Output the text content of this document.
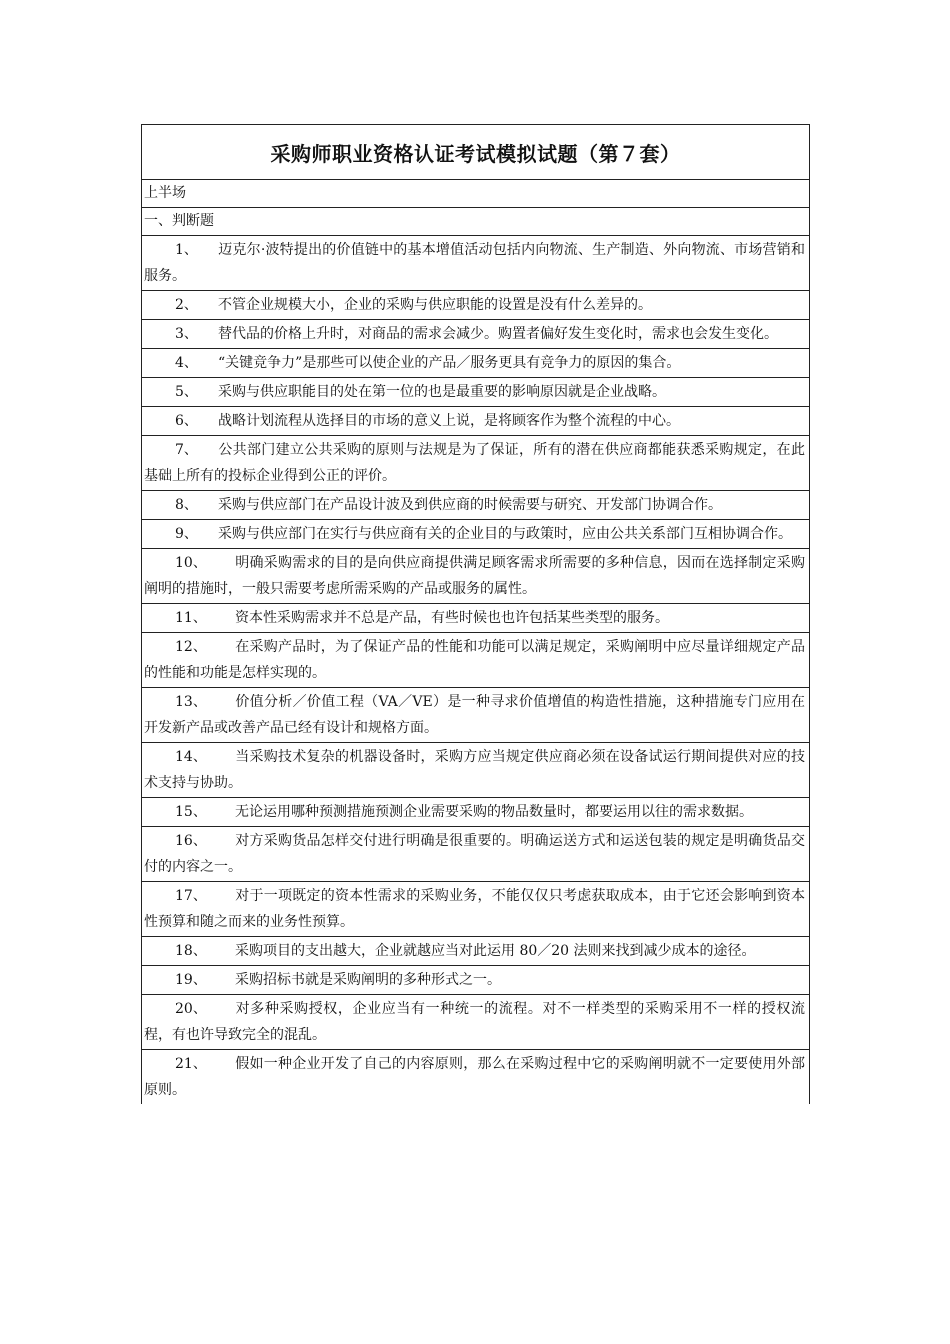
采购师职业资格认证考试模拟试题（第７套）
上半场
一、判断题
1、 迈克尔·波特提出的价值链中的基本增值活动包括内向物流、生产制造、外向物流、市场营销和服务。
2、 不管企业规模大小，企业的采购与供应职能的设置是没有什么差异的。
3、 替代品的价格上升时，对商品的需求会减少。购置者偏好发生变化时，需求也会发生变化。
4、 “关键竞争力”是那些可以使企业的产品／服务更具有竞争力的原因的集合。
5、 采购与供应职能目的处在第一位的也是最重要的影响原因就是企业战略。
6、 战略计划流程从选择目的市场的意义上说，是将顾客作为整个流程的中心。
7、 公共部门建立公共采购的原则与法规是为了保证，所有的潜在供应商都能获悉采购规定，在此基础上所有的投标企业得到公正的评价。
8、 采购与供应部门在产品设计波及到供应商的时候需要与研究、开发部门协调合作。
9、 采购与供应部门在实行与供应商有关的企业目的与政策时，应由公共关系部门互相协调合作。
10、 明确采购需求的目的是向供应商提供满足顾客需求所需要的多种信息，因而在选择制定采购阐明的措施时，一般只需要考虑所需采购的产品或服务的属性。
11、 资本性采购需求并不总是产品，有些时候也也许包括某些类型的服务。
12、 在采购产品时，为了保证产品的性能和功能可以满足规定，采购阐明中应尽量详细规定产品的性能和功能是怎样实现的。
13、 价值分析／价值工程（VA／VE）是一种寻求价值增值的构造性措施，这种措施专门应用在开发新产品或改善产品已经有设计和规格方面。
14、 当采购技术复杂的机器设备时，采购方应当规定供应商必须在设备试运行期间提供对应的技术支持与协助。
15、 无论运用哪种预测措施预测企业需要采购的物品数量时，都要运用以往的需求数据。
16、 对方采购货品怎样交付进行明确是很重要的。明确运送方式和运送包装的规定是明确货品交付的内容之一。
17、 对于一项既定的资本性需求的采购业务，不能仅仅只考虑获取成本，由于它还会影响到资本性预算和随之而来的业务性预算。
18、 采购项目的支出越大，企业就越应当对此运用 80／20 法则来找到减少成本的途径。
19、 采购招标书就是采购阐明的多种形式之一。
20、 对多种采购授权，企业应当有一种统一的流程。对不一样类型的采购采用不一样的授权流程，有也许导致完全的混乱。
21、 假如一种企业开发了自己的内容原则，那么在采购过程中它的采购阐明就不一定要使用外部原则。
